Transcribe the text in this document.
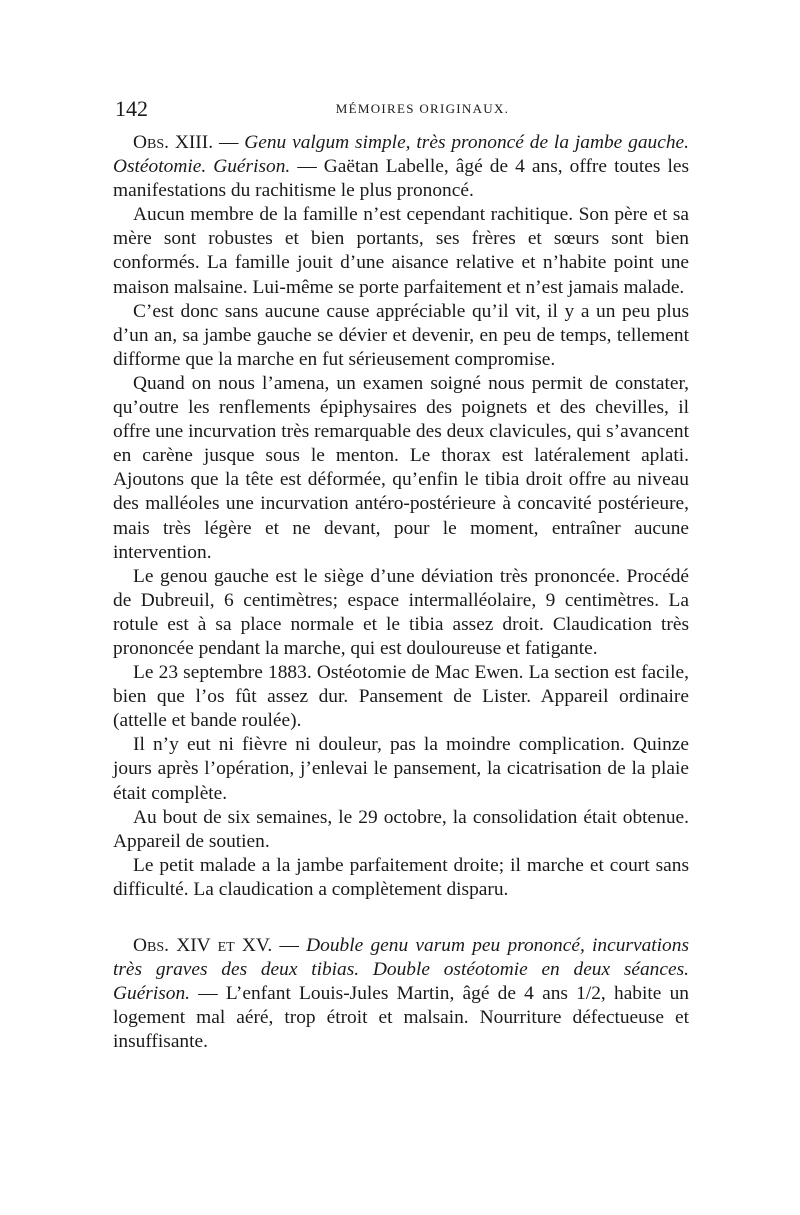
142	MÉMOIRES ORIGINAUX.

Obs. XIII. — Genu valgum simple, très prononcé de la jambe gauche. Ostéotomie. Guérison. — Gaëtan Labelle, âgé de 4 ans, offre toutes les manifestations du rachitisme le plus prononcé.

Aucun membre de la famille n’est cependant rachitique. Son père et sa mère sont robustes et bien portants, ses frères et sœurs sont bien conformés. La famille jouit d’une aisance relative et n’habite point une maison malsaine. Lui-même se porte parfaitement et n’est jamais malade.

C’est donc sans aucune cause appréciable qu’il vit, il y a un peu plus d’un an, sa jambe gauche se dévier et devenir, en peu de temps, tellement difforme que la marche en fut sérieusement compromise.

Quand on nous l’amena, un examen soigné nous permit de constater, qu’outre les renflements épiphysaires des poignets et des chevilles, il offre une incurvation très remarquable des deux clavicules, qui s’avancent en carène jusque sous le menton. Le thorax est latéralement aplati. Ajoutons que la tête est déformée, qu’enfin le tibia droit offre au niveau des malléoles une incurvation antéro-postérieure à concavité postérieure, mais très légère et ne devant, pour le moment, entraîner aucune intervention.

Le genou gauche est le siège d’une déviation très prononcée. Procédé de Dubreuil, 6 centimètres; espace intermalléolaire, 9 centimètres. La rotule est à sa place normale et le tibia assez droit. Claudication très prononcée pendant la marche, qui est douloureuse et fatigante.

Le 23 septembre 1883. Ostéotomie de Mac Ewen. La section est facile, bien que l’os fût assez dur. Pansement de Lister. Appareil ordinaire (attelle et bande roulée).

Il n’y eut ni fièvre ni douleur, pas la moindre complication. Quinze jours après l’opération, j’enlevai le pansement, la cicatrisation de la plaie était complète.

Au bout de six semaines, le 29 octobre, la consolidation était obtenue. Appareil de soutien.

Le petit malade a la jambe parfaitement droite; il marche et court sans difficulté. La claudication a complètement disparu.

Obs. XIV et XV. — Double genu varum peu prononcé, incurvations très graves des deux tibias. Double ostéotomie en deux séances. Guérison. — L’enfant Louis-Jules Martin, âgé de 4 ans 1/2, habite un logement mal aéré, trop étroit et malsain. Nourriture défectueuse et insuffisante.
